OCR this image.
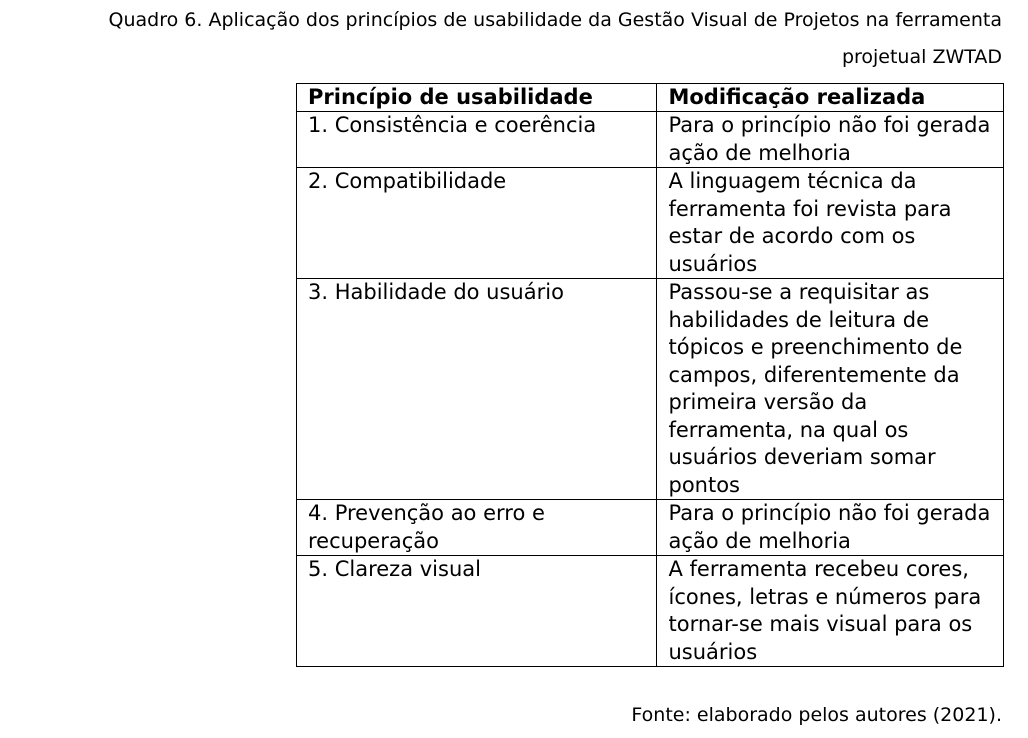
Quadro 6. Aplicação dos princípios de usabilidade da Gestão Visual de Projetos na ferramenta
projetual ZWTAD
Princípio de usabilidade	Modificação realizada
1. Consistência e coerência	Para o princípio não foi gerada ação de melhoria
2. Compatibilidade	A linguagem técnica da ferramenta foi revista para estar de acordo com os usuários
3. Habilidade do usuário	Passou-se a requisitar as habilidades de leitura de tópicos e preenchimento de campos, diferentemente da primeira versão da ferramenta, na qual os usuários deveriam somar pontos
4. Prevenção ao erro e recuperação	Para o princípio não foi gerada ação de melhoria
5. Clareza visual	A ferramenta recebeu cores, ícones, letras e números para tornar-se mais visual para os usuários
Fonte: elaborado pelos autores (2021).
